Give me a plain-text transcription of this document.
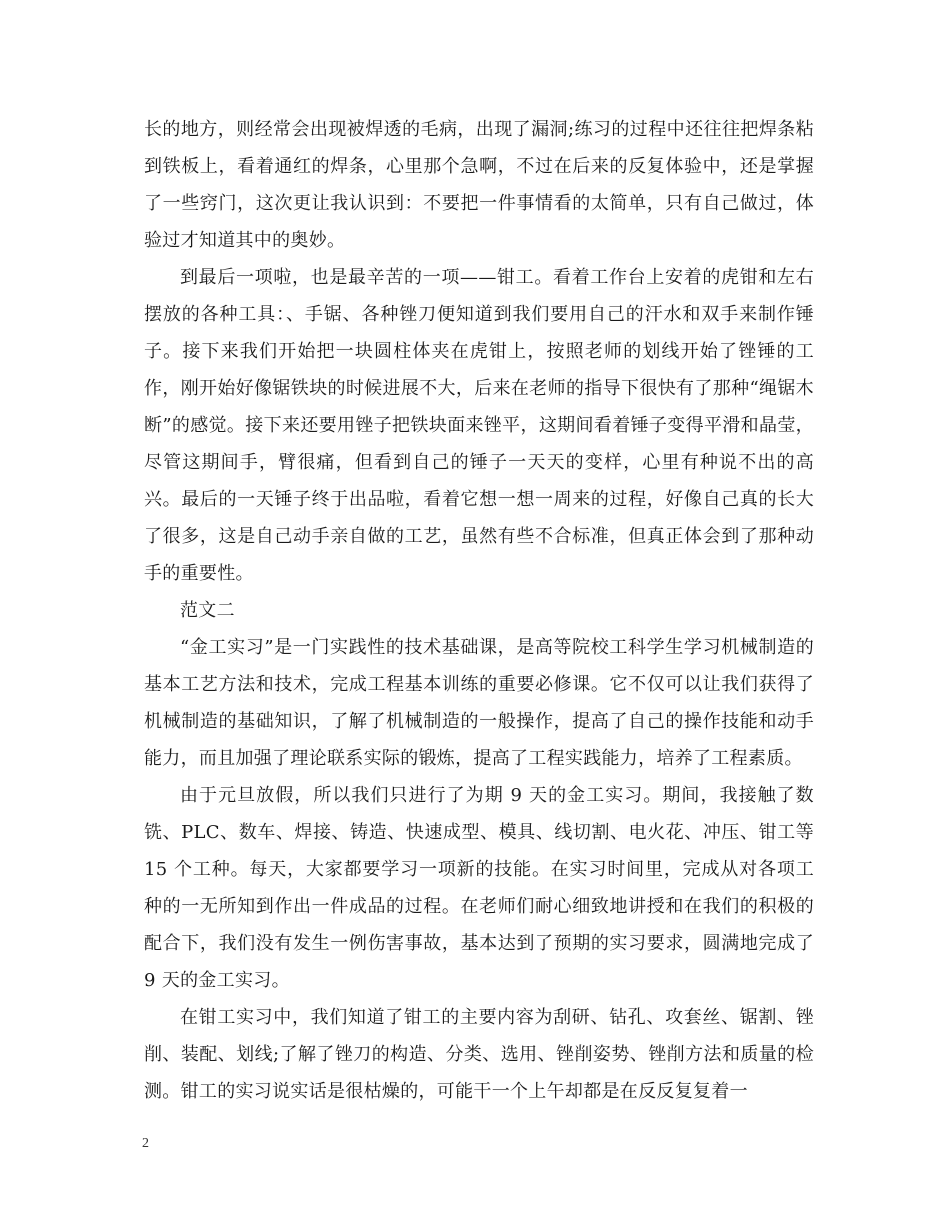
长的地方，则经常会出现被焊透的毛病，出现了漏洞;练习的过程中还往往把焊条粘到铁板上，看着通红的焊条，心里那个急啊，不过在后来的反复体验中，还是掌握了一些窍门，这次更让我认识到：不要把一件事情看的太简单，只有自己做过，体验过才知道其中的奥妙。

到最后一项啦，也是最辛苦的一项——钳工。看着工作台上安着的虎钳和左右摆放的各种工具：、手锯、各种锉刀便知道到我们要用自己的汗水和双手来制作锤子。接下来我们开始把一块圆柱体夹在虎钳上，按照老师的划线开始了锉锤的工作，刚开始好像锯铁块的时候进展不大，后来在老师的指导下很快有了那种“绳锯木断”的感觉。接下来还要用锉子把铁块面来锉平，这期间看着锤子变得平滑和晶莹，尽管这期间手，臂很痛，但看到自己的锤子一天天的变样，心里有种说不出的高兴。最后的一天锤子终于出品啦，看着它想一想一周来的过程，好像自己真的长大了很多，这是自己动手亲自做的工艺，虽然有些不合标准，但真正体会到了那种动手的重要性。

范文二

“金工实习”是一门实践性的技术基础课，是高等院校工科学生学习机械制造的基本工艺方法和技术，完成工程基本训练的重要必修课。它不仅可以让我们获得了机械制造的基础知识，了解了机械制造的一般操作，提高了自己的操作技能和动手能力，而且加强了理论联系实际的锻炼，提高了工程实践能力，培养了工程素质。

由于元旦放假，所以我们只进行了为期 9 天的金工实习。期间，我接触了数铣、PLC、数车、焊接、铸造、快速成型、模具、线切割、电火花、冲压、钳工等 15 个工种。每天，大家都要学习一项新的技能。在实习时间里，完成从对各项工种的一无所知到作出一件成品的过程。在老师们耐心细致地讲授和在我们的积极的配合下，我们没有发生一例伤害事故，基本达到了预期的实习要求，圆满地完成了 9 天的金工实习。

在钳工实习中，我们知道了钳工的主要内容为刮研、钻孔、攻套丝、锯割、锉削、装配、划线;了解了锉刀的构造、分类、选用、锉削姿势、锉削方法和质量的检测。钳工的实习说实话是很枯燥的，可能干一个上午却都是在反反复复着一

2
